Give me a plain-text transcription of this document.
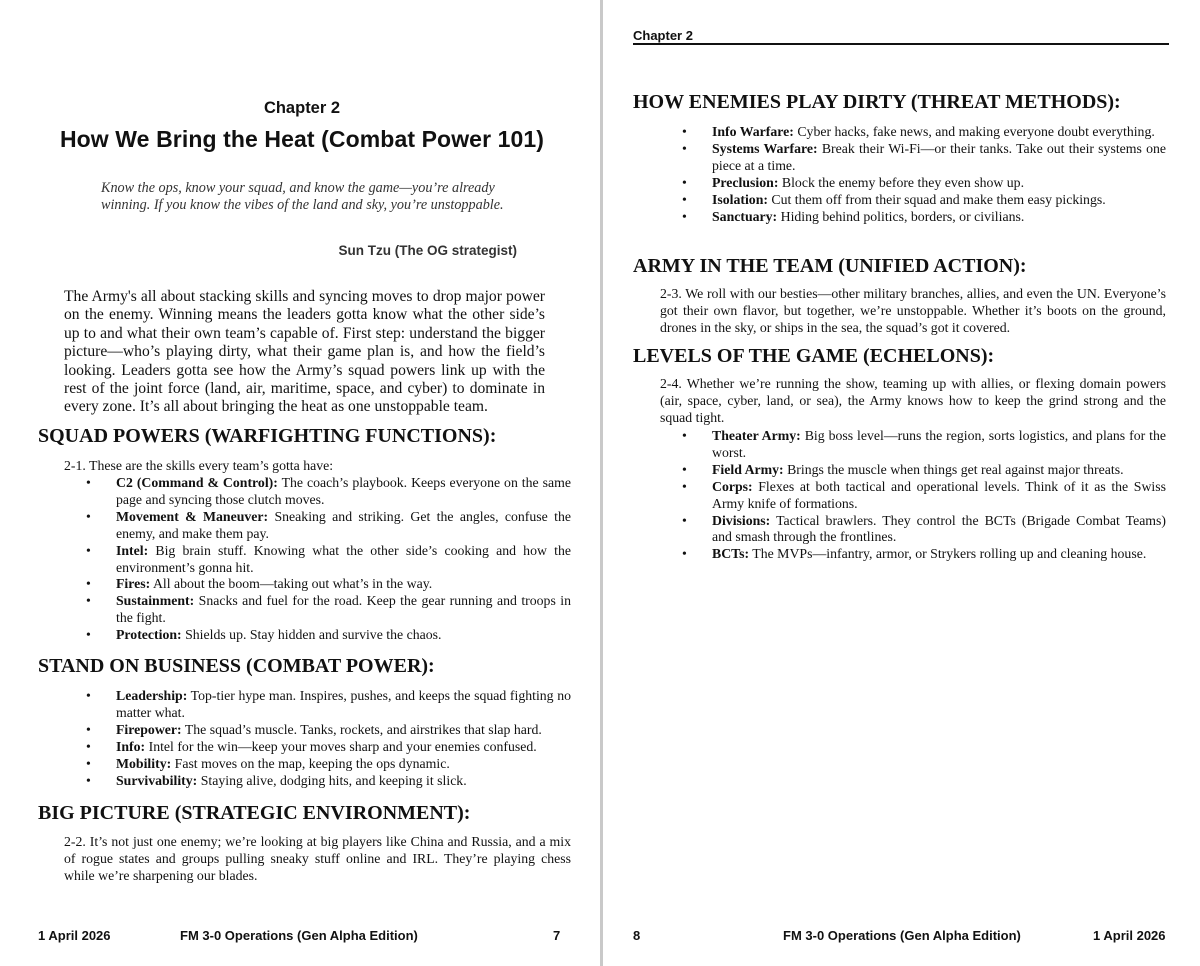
Chapter 2
How We Bring the Heat (Combat Power 101)
Know the ops, know your squad, and know the game—you’re already winning. If you know the vibes of the land and sky, you’re unstoppable.
Sun Tzu (The OG strategist)
The Army's all about stacking skills and syncing moves to drop major power on the enemy. Winning means the leaders gotta know what the other side’s up to and what their own team’s capable of. First step: understand the bigger picture—who’s playing dirty, what their game plan is, and how the field’s looking. Leaders gotta see how the Army’s squad powers link up with the rest of the joint force (land, air, maritime, space, and cyber) to dominate in every zone. It’s all about bringing the heat as one unstoppable team.
SQUAD POWERS (WARFIGHTING FUNCTIONS):
2-1. These are the skills every team’s gotta have:
• C2 (Command & Control): The coach’s playbook. Keeps everyone on the same page and syncing those clutch moves.
• Movement & Maneuver: Sneaking and striking. Get the angles, confuse the enemy, and make them pay.
• Intel: Big brain stuff. Knowing what the other side’s cooking and how the environment’s gonna hit.
• Fires: All about the boom—taking out what’s in the way.
• Sustainment: Snacks and fuel for the road. Keep the gear running and troops in the fight.
• Protection: Shields up. Stay hidden and survive the chaos.
STAND ON BUSINESS (COMBAT POWER):
• Leadership: Top-tier hype man. Inspires, pushes, and keeps the squad fighting no matter what.
• Firepower: The squad’s muscle. Tanks, rockets, and airstrikes that slap hard.
• Info: Intel for the win—keep your moves sharp and your enemies confused.
• Mobility: Fast moves on the map, keeping the ops dynamic.
• Survivability: Staying alive, dodging hits, and keeping it slick.
BIG PICTURE (STRATEGIC ENVIRONMENT):
2-2. It’s not just one enemy; we’re looking at big players like China and Russia, and a mix of rogue states and groups pulling sneaky stuff online and IRL. They’re playing chess while we’re sharpening our blades.
1 April 2026	FM 3-0 Operations (Gen Alpha Edition)	7
Chapter 2
HOW ENEMIES PLAY DIRTY (THREAT METHODS):
• Info Warfare: Cyber hacks, fake news, and making everyone doubt everything.
• Systems Warfare: Break their Wi-Fi—or their tanks. Take out their systems one piece at a time.
• Preclusion: Block the enemy before they even show up.
• Isolation: Cut them off from their squad and make them easy pickings.
• Sanctuary: Hiding behind politics, borders, or civilians.
ARMY IN THE TEAM (UNIFIED ACTION):
2-3. We roll with our besties—other military branches, allies, and even the UN. Everyone’s got their own flavor, but together, we’re unstoppable. Whether it’s boots on the ground, drones in the sky, or ships in the sea, the squad’s got it covered.
LEVELS OF THE GAME (ECHELONS):
2-4. Whether we’re running the show, teaming up with allies, or flexing domain powers (air, space, cyber, land, or sea), the Army knows how to keep the grind strong and the squad tight.
• Theater Army: Big boss level—runs the region, sorts logistics, and plans for the worst.
• Field Army: Brings the muscle when things get real against major threats.
• Corps: Flexes at both tactical and operational levels. Think of it as the Swiss Army knife of formations.
• Divisions: Tactical brawlers. They control the BCTs (Brigade Combat Teams) and smash through the frontlines.
• BCTs: The MVPs—infantry, armor, or Strykers rolling up and cleaning house.
8	FM 3-0 Operations (Gen Alpha Edition)	1 April 2026
